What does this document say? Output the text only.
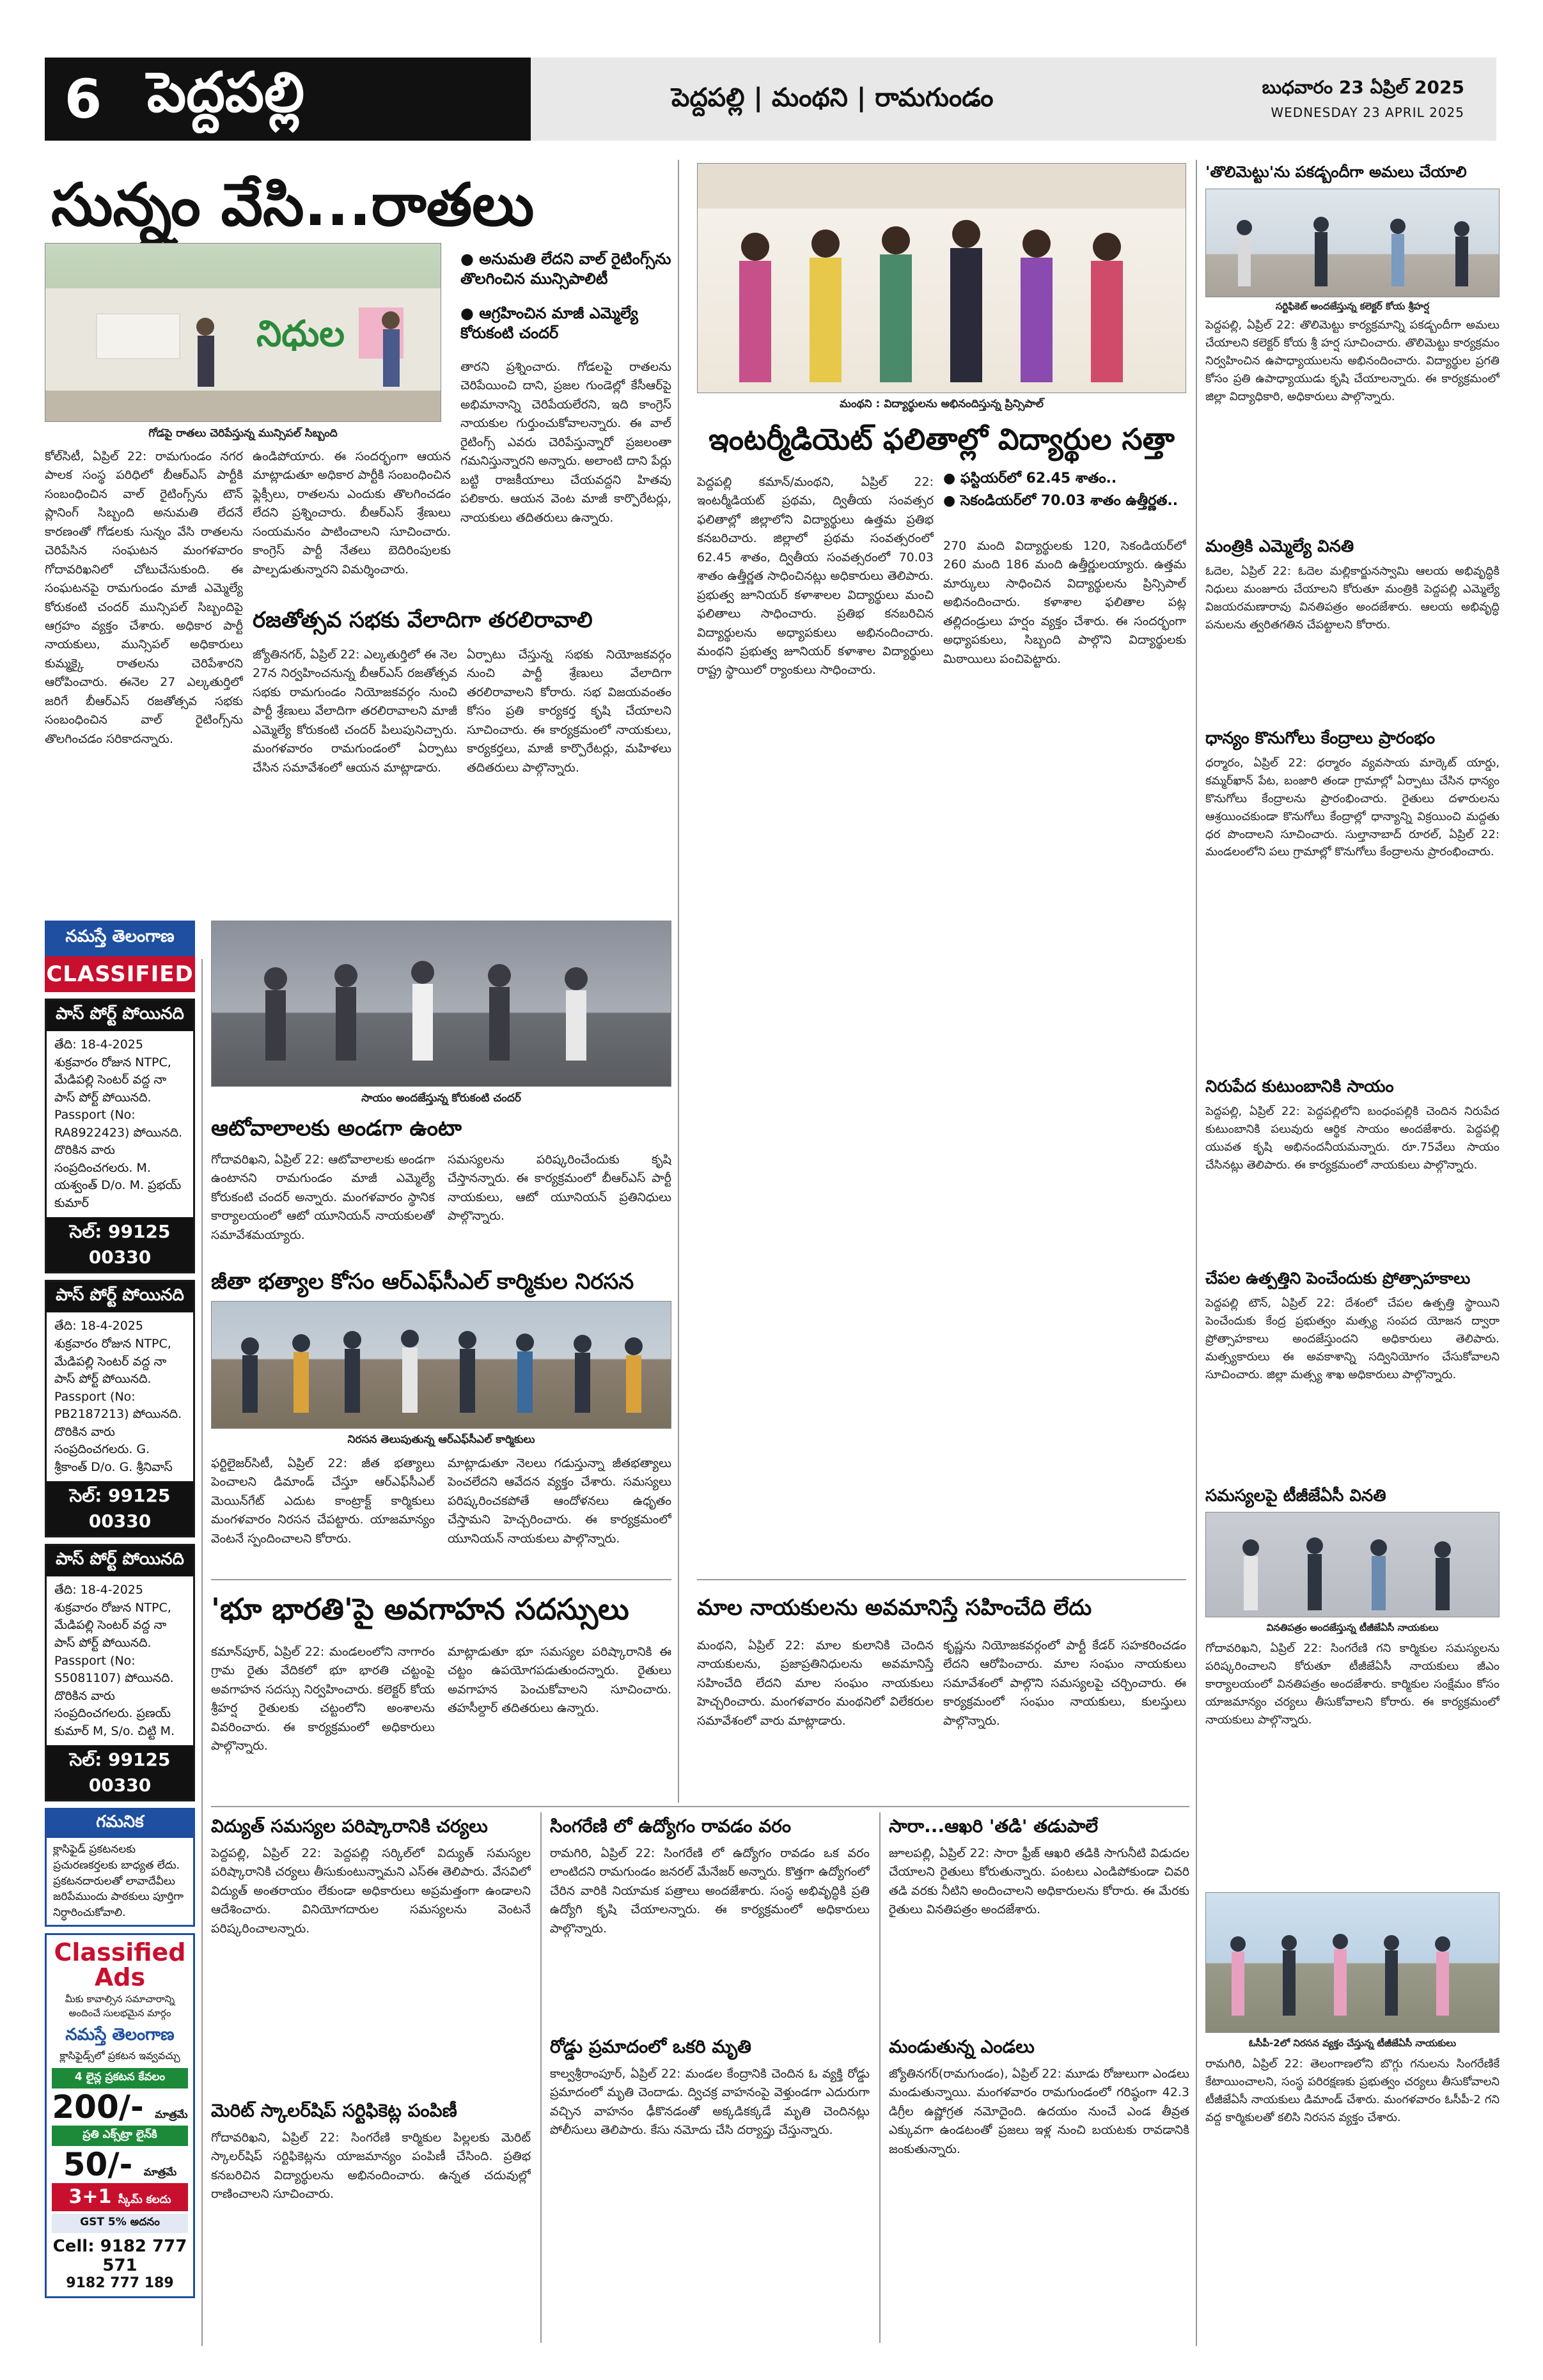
6 పెద్దపల్లి	పెద్దపల్లి | మంథని | రామగుండం	బుధవారం 23 ఏప్రిల్ 2025
WEDNESDAY 23 APRIL 2025
సున్నం వేసి...రాతలు
నిధుల
గోడపై రాతలు చెరిపేస్తున్న మున్సిపల్ సిబ్బంది
● అనుమతి లేదని వాల్ రైటింగ్స్‌ను తొలగించిన మున్సిపాలిటీ
● ఆగ్రహించిన మాజీ ఎమ్మెల్యే కోరుకంటి చందర్
కోల్‌సిటీ, ఏప్రిల్ 22: రామగుండం నగర పాలక సంస్థ పరిధిలో బీఆర్‌ఎస్ పార్టీకి సంబంధించిన వాల్ రైటింగ్స్‌ను టౌన్ ప్లానింగ్ సిబ్బంది అనుమతి లేదనే కారణంతో గోడలకు సున్నం వేసి రాతలను చెరిపేసిన సంఘటన మంగళవారం గోదావరిఖనిలో చోటుచేసుకుంది. ఈ సంఘటనపై రామగుండం మాజీ ఎమ్మెల్యే కోరుకంటి చందర్ మున్సిపల్ సిబ్బందిపై ఆగ్రహం వ్యక్తం చేశారు. అధికార పార్టీ నాయకులు, మున్సిపల్ అధికారులు కుమ్మక్కై రాతలను చెరిపేశారని ఆరోపించారు. ఈనెల 27 ఎల్కతుర్తిలో జరిగే బీఆర్‌ఎస్ రజతోత్సవ సభకు సంబంధించిన వాల్ రైటింగ్స్‌ను తొలగించడం సరికాదన్నారు.
ఉండిపోయారు. ఈ సందర్భంగా ఆయన మాట్లాడుతూ అధికార పార్టీకి సంబంధించిన ఫ్లెక్సీలు, రాతలను ఎందుకు తొలగించడం లేదని ప్రశ్నించారు. బీఆర్‌ఎస్ శ్రేణులు సంయమనం పాటించాలని సూచించారు. కాంగ్రెస్ పార్టీ నేతలు బెదిరింపులకు పాల్పడుతున్నారని విమర్శించారు.
తారని ప్రశ్నించారు. గోడలపై రాతలను చెరిపేయించి దాని, ప్రజల గుండెల్లో కేసీఆర్‌పై అభిమానాన్ని చెరిపేయలేరని, ఇది కాంగ్రెస్ నాయకుల గుర్తుంచుకోవాలన్నారు. ఈ వాల్ రైటింగ్స్ ఎవరు చెరిపేస్తున్నారో ప్రజలంతా గమనిస్తున్నారని అన్నారు. అలాంటి దాని పేర్లు బట్టి రాజకీయాలు చేయవద్దని హితవు పలికారు. ఆయన వెంట మాజీ కార్పొరేటర్లు, నాయకులు తదితరులు ఉన్నారు.
రజతోత్సవ సభకు వేలాదిగా తరలిరావాలి
జ్యోతినగర్, ఏప్రిల్ 22: ఎల్కతుర్తిలో ఈ నెల 27న నిర్వహించనున్న బీఆర్‌ఎస్ రజతోత్సవ సభకు రామగుండం నియోజకవర్గం నుంచి పార్టీ శ్రేణులు వేలాదిగా తరలిరావాలని మాజీ ఎమ్మెల్యే కోరుకంటి చందర్ పిలుపునిచ్చారు. మంగళవారం రామగుండంలో ఏర్పాటు చేసిన సమావేశంలో ఆయన మాట్లాడారు.
ఏర్పాటు చేస్తున్న సభకు నియోజకవర్గం నుంచి పార్టీ శ్రేణులు వేలాదిగా తరలిరావాలని కోరారు. సభ విజయవంతం కోసం ప్రతి కార్యకర్త కృషి చేయాలని సూచించారు. ఈ కార్యక్రమంలో నాయకులు, కార్యకర్తలు, మాజీ కార్పొరేటర్లు, మహిళలు తదితరులు పాల్గొన్నారు.
నమస్తే తెలంగాణ
CLASSIFIED
పాస్ పోర్ట్ పోయినది
తేది: 18-4-2025 శుక్రవారం రోజున NTPC, మేడిపల్లి సెంటర్ వద్ద నా పాస్ పోర్ట్ పోయినది. Passport (No: RA8922423) పోయినది. దొరికిన వారు సంప్రదించగలరు. M. యశ్వంత్ D/o. M. ప్రభయ్ కుమార్
సెల్: 99125 00330
పాస్ పోర్ట్ పోయినది
తేది: 18-4-2025 శుక్రవారం రోజున NTPC, మేడిపల్లి సెంటర్ వద్ద నా పాస్ పోర్ట్ పోయినది. Passport (No: PB2187213) పోయినది. దొరికిన వారు సంప్రదించగలరు. G. శ్రీకాంత్ D/o. G. శ్రీనివాస్
సెల్: 99125 00330
పాస్ పోర్ట్ పోయినది
తేది: 18-4-2025 శుక్రవారం రోజున NTPC, మేడిపల్లి సెంటర్ వద్ద నా పాస్ పోర్ట్ పోయినది. Passport (No: S5081107) పోయినది. దొరికిన వారు సంప్రదించగలరు. ప్రణయ్ కుమార్ M, S/o. చిట్టి M.
సెల్: 99125 00330
గమనిక
క్లాసిఫైడ్ ప్రకటనలకు ప్రచురణకర్తలకు బాధ్యత లేదు. ప్రకటనదారులతో లావాదేవీలు జరిపేముందు పాఠకులు పూర్తిగా నిర్ధారించుకోవాలి.
Classified Ads
మీకు కావాల్సిన సమాచారాన్ని అందించే సులభమైన మార్గం
నమస్తే తెలంగాణ
క్లాసిఫైడ్స్‌లో ప్రకటన ఇవ్వవచ్చు
4 లైన్ల ప్రకటన కేవలం
200/- మాత్రమే
ప్రతి ఎక్స్‌ట్రా లైన్‌కి
50/- మాత్రమే
3+1 స్కీమ్ కలదు
GST 5% అదనం
Cell: 9182 777 571
9182 777 189
సాయం అందజేస్తున్న కోరుకంటి చందర్
ఆటోవాలాలకు అండగా ఉంటా
గోదావరిఖని, ఏప్రిల్ 22: ఆటోవాలాలకు అండగా ఉంటానని రామగుండం మాజీ ఎమ్మెల్యే కోరుకంటి చందర్ అన్నారు. మంగళవారం స్థానిక కార్యాలయంలో ఆటో యూనియన్ నాయకులతో సమావేశమయ్యారు.
సమస్యలను పరిష్కరించేందుకు కృషి చేస్తానన్నారు. ఈ కార్యక్రమంలో బీఆర్‌ఎస్ పార్టీ నాయకులు, ఆటో యూనియన్ ప్రతినిధులు పాల్గొన్నారు.
జీతా భత్యాల కోసం ఆర్ఎఫ్‌సీఎల్ కార్మికుల నిరసన
నిరసన తెలుపుతున్న ఆర్ఎఫ్‌సీఎల్ కార్మికులు
ఫర్టిలైజర్‌సిటీ, ఏప్రిల్ 22: జీత భత్యాలు పెంచాలని డిమాండ్ చేస్తూ ఆర్ఎఫ్‌సీఎల్ మెయిన్‌గేట్ ఎదుట కాంట్రాక్ట్ కార్మికులు మంగళవారం నిరసన చేపట్టారు. యాజమాన్యం వెంటనే స్పందించాలని కోరారు.
మాట్లాడుతూ నెలలు గడుస్తున్నా జీతభత్యాలు పెంచలేదని ఆవేదన వ్యక్తం చేశారు. సమస్యలు పరిష్కరించకపోతే ఆందోళనలు ఉధృతం చేస్తామని హెచ్చరించారు. ఈ కార్యక్రమంలో యూనియన్ నాయకులు పాల్గొన్నారు.
'భూ భారతి'పై అవగాహన సదస్సులు
కమాన్‌పూర్, ఏప్రిల్ 22: మండలంలోని నాగారం గ్రామ రైతు వేదికలో భూ భారతి చట్టంపై అవగాహన సదస్సు నిర్వహించారు. కలెక్టర్ కోయ శ్రీహర్ష రైతులకు చట్టంలోని అంశాలను వివరించారు. ఈ కార్యక్రమంలో అధికారులు పాల్గొన్నారు.
మాట్లాడుతూ భూ సమస్యల పరిష్కారానికి ఈ చట్టం ఉపయోగపడుతుందన్నారు. రైతులు అవగాహన పెంచుకోవాలని సూచించారు. తహసీల్దార్ తదితరులు ఉన్నారు.
మంథని : విద్యార్థులను అభినందిస్తున్న ప్రిన్సిపాల్
ఇంటర్మీడియెట్ ఫలితాల్లో విద్యార్థుల సత్తా
● ఫస్టియర్‌లో 62.45 శాతం..
● సెకండియర్‌లో 70.03 శాతం ఉత్తీర్ణత..
పెద్దపల్లి కమాన్/మంథని, ఏప్రిల్ 22: ఇంటర్మీడియట్ ప్రథమ, ద్వితీయ సంవత్సర ఫలితాల్లో జిల్లాలోని విద్యార్థులు ఉత్తమ ప్రతిభ కనబరిచారు. జిల్లాలో ప్రథమ సంవత్సరంలో 62.45 శాతం, ద్వితీయ సంవత్సరంలో 70.03 శాతం ఉత్తీర్ణత సాధించినట్లు అధికారులు తెలిపారు. ప్రభుత్వ జూనియర్ కళాశాలల విద్యార్థులు మంచి ఫలితాలు సాధించారు. ప్రతిభ కనబరిచిన విద్యార్థులను అధ్యాపకులు అభినందించారు. మంథని ప్రభుత్వ జూనియర్ కళాశాల విద్యార్థులు రాష్ట్ర స్థాయిలో ర్యాంకులు సాధించారు.
270 మంది విద్యార్థులకు 120, సెకండియర్‌లో 260 మంది 186 మంది ఉత్తీర్ణులయ్యారు. ఉత్తమ మార్కులు సాధించిన విద్యార్థులను ప్రిన్సిపాల్ అభినందించారు. కళాశాల ఫలితాల పట్ల తల్లిదండ్రులు హర్షం వ్యక్తం చేశారు. ఈ సందర్భంగా అధ్యాపకులు, సిబ్బంది పాల్గొని విద్యార్థులకు మిఠాయిలు పంచిపెట్టారు.
మాల నాయకులను అవమానిస్తే సహించేది లేదు
మంథని, ఏప్రిల్ 22: మాల కులానికి చెందిన నాయకులను, ప్రజాప్రతినిధులను అవమానిస్తే సహించేది లేదని మాల సంఘం నాయకులు హెచ్చరించారు. మంగళవారం మంథనిలో విలేకరుల సమావేశంలో వారు మాట్లాడారు.
కృష్ణను నియోజకవర్గంలో పార్టీ కేడర్ సహకరించడం లేదని ఆరోపించారు. మాల సంఘం నాయకులు సమావేశంలో పాల్గొని సమస్యలపై చర్చించారు. ఈ కార్యక్రమంలో సంఘం నాయకులు, కులస్తులు పాల్గొన్నారు.
'తొలిమెట్టు'ను పకడ్బందీగా అమలు చేయాలి
సర్టిఫికెట్ అందజేస్తున్న కలెక్టర్ కోయ శ్రీహర్ష
పెద్దపల్లి, ఏప్రిల్ 22: తొలిమెట్టు కార్యక్రమాన్ని పకడ్బందీగా అమలు చేయాలని కలెక్టర్ కోయ శ్రీ హర్ష సూచించారు. తొలిమెట్టు కార్యక్రమం నిర్వహించిన ఉపాధ్యాయులను అభినందించారు. విద్యార్థుల ప్రగతి కోసం ప్రతి ఉపాధ్యాయుడు కృషి చేయాలన్నారు. ఈ కార్యక్రమంలో జిల్లా విద్యాధికారి, అధికారులు పాల్గొన్నారు.
మంత్రికి ఎమ్మెల్యే వినతి
ఓదెల, ఏప్రిల్ 22: ఓదెల మల్లికార్జునస్వామి ఆలయ అభివృద్ధికి నిధులు మంజూరు చేయాలని కోరుతూ మంత్రికి పెద్దపల్లి ఎమ్మెల్యే విజయరమణారావు వినతిపత్రం అందజేశారు. ఆలయ అభివృద్ధి పనులను త్వరితగతిన చేపట్టాలని కోరారు.
ధాన్యం కొనుగోలు కేంద్రాలు ప్రారంభం
ధర్మారం, ఏప్రిల్ 22: ధర్మారం వ్యవసాయ మార్కెట్ యార్డు, కమ్మర్‌ఖాన్ పేట, బంజారి తండా గ్రామాల్లో ఏర్పాటు చేసిన ధాన్యం కొనుగోలు కేంద్రాలను ప్రారంభించారు. రైతులు దళారులను ఆశ్రయించకుండా కొనుగోలు కేంద్రాల్లో ధాన్యాన్ని విక్రయించి మద్దతు ధర పొందాలని సూచించారు. సుల్తానాబాద్ రూరల్, ఏప్రిల్ 22: మండలంలోని పలు గ్రామాల్లో కొనుగోలు కేంద్రాలను ప్రారంభించారు.
నిరుపేద కుటుంబానికి సాయం
పెద్దపల్లి, ఏప్రిల్ 22: పెద్దపల్లిలోని బంధంపల్లికి చెందిన నిరుపేద కుటుంబానికి పలువురు ఆర్థిక సాయం అందజేశారు. పెద్దపల్లి యువత కృషి అభినందనీయమన్నారు. రూ.75వేలు సాయం చేసినట్లు తెలిపారు. ఈ కార్యక్రమంలో నాయకులు పాల్గొన్నారు.
చేపల ఉత్పత్తిని పెంచేందుకు ప్రోత్సాహకాలు
పెద్దపల్లి టౌన్, ఏప్రిల్ 22: దేశంలో చేపల ఉత్పత్తి స్థాయిని పెంచేందుకు కేంద్ర ప్రభుత్వం మత్స్య సంపద యోజన ద్వారా ప్రోత్సాహకాలు అందజేస్తుందని అధికారులు తెలిపారు. మత్స్యకారులు ఈ అవకాశాన్ని సద్వినియోగం చేసుకోవాలని సూచించారు. జిల్లా మత్స్య శాఖ అధికారులు పాల్గొన్నారు.
సమస్యలపై టీజీజేఏసీ వినతి
వినతిపత్రం అందజేస్తున్న టీజీజేఏసీ నాయకులు
గోదావరిఖని, ఏప్రిల్ 22: సింగరేణి గని కార్మికుల సమస్యలను పరిష్కరించాలని కోరుతూ టీజీజేఏసీ నాయకులు జీఎం కార్యాలయంలో వినతిపత్రం అందజేశారు. కార్మికుల సంక్షేమం కోసం యాజమాన్యం చర్యలు తీసుకోవాలని కోరారు. ఈ కార్యక్రమంలో నాయకులు పాల్గొన్నారు.
ఓసీపీ-2లో నిరసన వ్యక్తం చేస్తున్న టీజీజేఏసీ నాయకులు
రామగిరి, ఏప్రిల్ 22: తెలంగాణలోని బొగ్గు గనులను సింగరేణికే కేటాయించాలని, సంస్థ పరిరక్షణకు ప్రభుత్వం చర్యలు తీసుకోవాలని టీజీజేఏసీ నాయకులు డిమాండ్ చేశారు. మంగళవారం ఓసీపీ-2 గని వద్ద కార్మికులతో కలిసి నిరసన వ్యక్తం చేశారు.
విద్యుత్ సమస్యల పరిష్కారానికి చర్యలు
పెద్దపల్లి, ఏప్రిల్ 22: పెద్దపల్లి సర్కిల్‌లో విద్యుత్ సమస్యల పరిష్కారానికి చర్యలు తీసుకుంటున్నామని ఎస్ఈ తెలిపారు. వేసవిలో విద్యుత్ అంతరాయం లేకుండా అధికారులు అప్రమత్తంగా ఉండాలని ఆదేశించారు. వినియోగదారుల సమస్యలను వెంటనే పరిష్కరించాలన్నారు.
మెరిట్ స్కాలర్‌షిప్ సర్టిఫికెట్ల పంపిణీ
గోదావరిఖని, ఏప్రిల్ 22: సింగరేణి కార్మికుల పిల్లలకు మెరిట్ స్కాలర్‌షిప్ సర్టిఫికెట్లను యాజమాన్యం పంపిణీ చేసింది. ప్రతిభ కనబరిచిన విద్యార్థులను అభినందించారు. ఉన్నత చదువుల్లో రాణించాలని సూచించారు.
సింగరేణి లో ఉద్యోగం రావడం వరం
రామగిరి, ఏప్రిల్ 22: సింగరేణి లో ఉద్యోగం రావడం ఒక వరం లాంటిదని రామగుండం జనరల్ మేనేజర్ అన్నారు. కొత్తగా ఉద్యోగంలో చేరిన వారికి నియామక పత్రాలు అందజేశారు. సంస్థ అభివృద్ధికి ప్రతి ఉద్యోగి కృషి చేయాలన్నారు. ఈ కార్యక్రమంలో అధికారులు పాల్గొన్నారు.
రోడ్డు ప్రమాదంలో ఒకరి మృతి
కాల్వశ్రీరాంపూర్, ఏప్రిల్ 22: మండల కేంద్రానికి చెందిన ఓ వ్యక్తి రోడ్డు ప్రమాదంలో మృతి చెందాడు. ద్విచక్ర వాహనంపై వెళ్తుండగా ఎదురుగా వచ్చిన వాహనం ఢీకొనడంతో అక్కడికక్కడే మృతి చెందినట్లు పోలీసులు తెలిపారు. కేసు నమోదు చేసి దర్యాప్తు చేస్తున్నారు.
సారా...ఆఖరి 'తడి' తడుపాలే
జూలపల్లి, ఏప్రిల్ 22: సారా ఫ్రీజ్ ఆఖరి తడికి సాగునీటి విడుదల చేయాలని రైతులు కోరుతున్నారు. పంటలు ఎండిపోకుండా చివరి తడి వరకు నీటిని అందించాలని అధికారులను కోరారు. ఈ మేరకు రైతులు వినతిపత్రం అందజేశారు.
మండుతున్న ఎండలు
జ్యోతినగర్(రామగుండం), ఏప్రిల్ 22: మూడు రోజులుగా ఎండలు మండుతున్నాయి. మంగళవారం రామగుండంలో గరిష్ఠంగా 42.3 డిగ్రీల ఉష్ణోగ్రత నమోదైంది. ఉదయం నుంచే ఎండ తీవ్రత ఎక్కువగా ఉండటంతో ప్రజలు ఇళ్ల నుంచి బయటకు రావడానికి జంకుతున్నారు.
